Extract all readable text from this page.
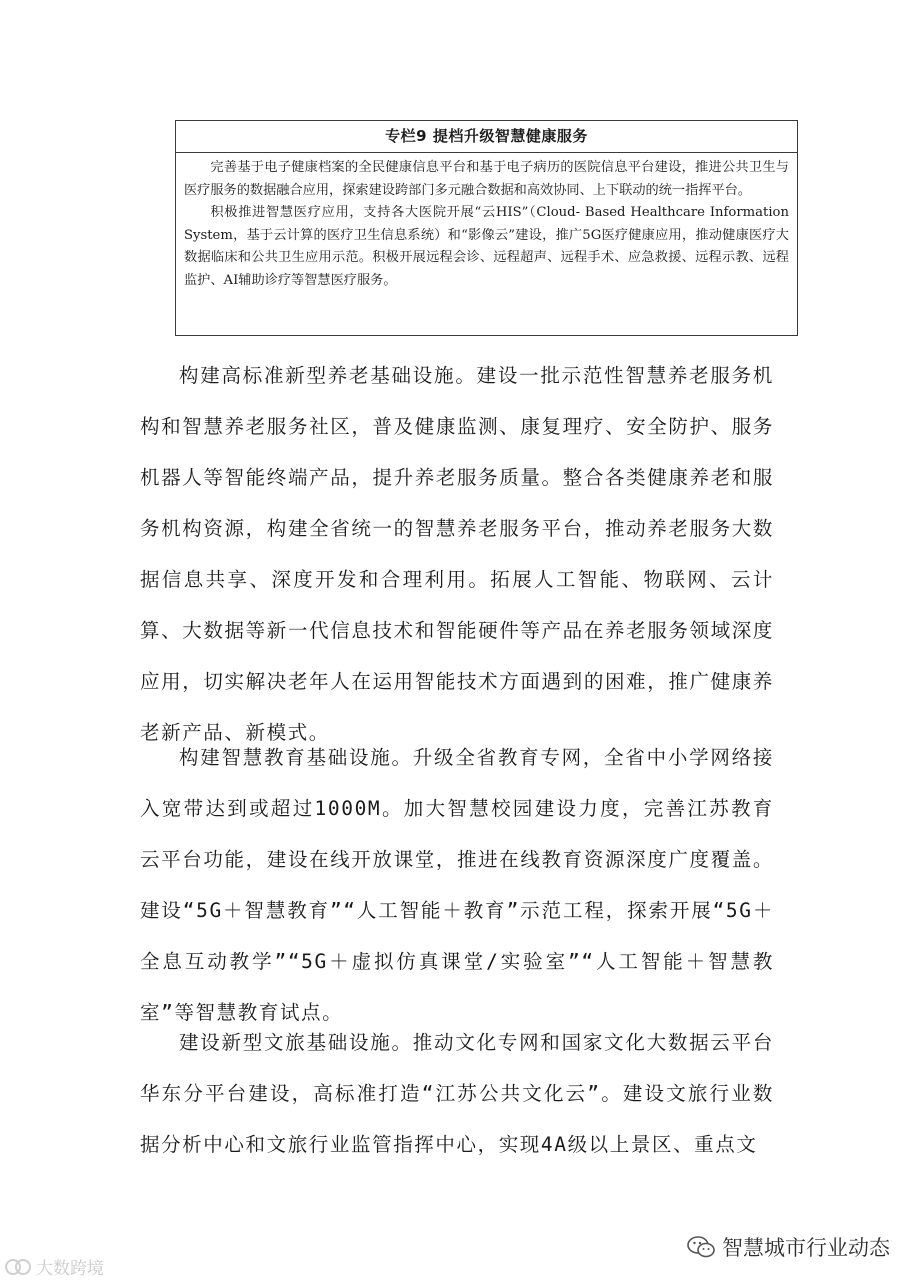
专栏9 提档升级智慧健康服务

完善基于电子健康档案的全民健康信息平台和基于电子病历的医院信息平台建设，推进公共卫生与医疗服务的数据融合应用，探索建设跨部门多元融合数据和高效协同、上下联动的统一指挥平台。

积极推进智慧医疗应用，支持各大医院开展“云HIS”（Cloud- Based Healthcare Information System，基于云计算的医疗卫生信息系统）和“影像云”建设，推广5G医疗健康应用，推动健康医疗大数据临床和公共卫生应用示范。积极开展远程会诊、远程超声、远程手术、应急救援、远程示教、远程监护、AI辅助诊疗等智慧医疗服务。

构建高标准新型养老基础设施。建设一批示范性智慧养老服务机构和智慧养老服务社区，普及健康监测、康复理疗、安全防护、服务机器人等智能终端产品，提升养老服务质量。整合各类健康养老和服务机构资源，构建全省统一的智慧养老服务平台，推动养老服务大数据信息共享、深度开发和合理利用。拓展人工智能、物联网、云计算、大数据等新一代信息技术和智能硬件等产品在养老服务领域深度应用，切实解决老年人在运用智能技术方面遇到的困难，推广健康养老新产品、新模式。

构建智慧教育基础设施。升级全省教育专网，全省中小学网络接入宽带达到或超过1000M。加大智慧校园建设力度，完善江苏教育云平台功能，建设在线开放课堂，推进在线教育资源深度广度覆盖。建设“5G＋智慧教育”“人工智能＋教育”示范工程，探索开展“5G＋全息互动教学”“5G＋虚拟仿真课堂/实验室”“人工智能＋智慧教室”等智慧教育试点。

建设新型文旅基础设施。推动文化专网和国家文化大数据云平台华东分平台建设，高标准打造“江苏公共文化云”。建设文旅行业数据分析中心和文旅行业监管指挥中心，实现4A级以上景区、重点文

大数跨境
智慧城市行业动态
